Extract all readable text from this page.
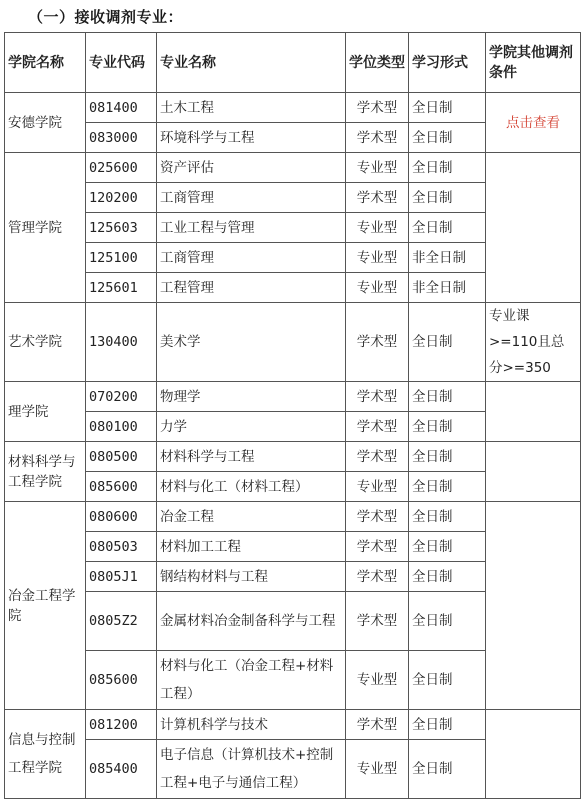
（一）接收调剂专业：
学院名称	专业代码	专业名称	学位类型	学习形式	学院其他调剂条件
安德学院	081400	土木工程	学术型	全日制	点击查看
	083000	环境科学与工程	学术型	全日制	
管理学院	025600	资产评估	专业型	全日制	
	120200	工商管理	学术型	全日制	
	125603	工业工程与管理	专业型	全日制	
	125100	工商管理	专业型	非全日制	
	125601	工程管理	专业型	非全日制	
艺术学院	130400	美术学	学术型	全日制	专业课>=110且总分>=350
理学院	070200	物理学	学术型	全日制	
	080100	力学	学术型	全日制	
材料科学与工程学院	080500	材料科学与工程	学术型	全日制	
	085600	材料与化工（材料工程）	专业型	全日制	
冶金工程学院	080600	冶金工程	学术型	全日制	
	080503	材料加工工程	学术型	全日制	
	0805J1	钢结构材料与工程	学术型	全日制	
	0805Z2	金属材料冶金制备科学与工程	学术型	全日制	
	085600	材料与化工（冶金工程+材料工程）	专业型	全日制	
信息与控制工程学院	081200	计算机科学与技术	学术型	全日制	
	085400	电子信息（计算机技术+控制工程+电子与通信工程）	专业型	全日制	
